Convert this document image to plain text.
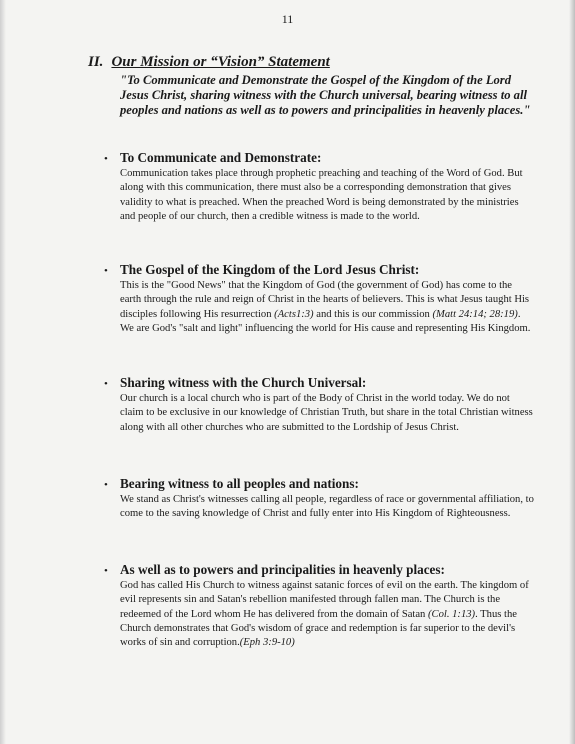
11
II. Our Mission or “Vision” Statement
"To Communicate and Demonstrate the Gospel of the Kingdom of the Lord Jesus Christ, sharing witness with the Church universal, bearing witness to all peoples and nations as well as to powers and principalities in heavenly places."
• To Communicate and Demonstrate:
Communication takes place through prophetic preaching and teaching of the Word of God. But along with this communication, there must also be a corresponding demonstration that gives validity to what is preached. When the preached Word is being demonstrated by the ministries and people of our church, then a credible witness is made to the world.
• The Gospel of the Kingdom of the Lord Jesus Christ:
This is the "Good News" that the Kingdom of God (the government of God) has come to the earth through the rule and reign of Christ in the hearts of believers. This is what Jesus taught His disciples following His resurrection (Acts1:3) and this is our commission (Matt 24:14; 28:19). We are God's "salt and light" influencing the world for His cause and representing His Kingdom.
• Sharing witness with the Church Universal:
Our church is a local church who is part of the Body of Christ in the world today. We do not claim to be exclusive in our knowledge of Christian Truth, but share in the total Christian witness along with all other churches who are submitted to the Lordship of Jesus Christ.
• Bearing witness to all peoples and nations:
We stand as Christ's witnesses calling all people, regardless of race or governmental affiliation, to come to the saving knowledge of Christ and fully enter into His Kingdom of Righteousness.
• As well as to powers and principalities in heavenly places:
God has called His Church to witness against satanic forces of evil on the earth. The kingdom of evil represents sin and Satan's rebellion manifested through fallen man. The Church is the redeemed of the Lord whom He has delivered from the domain of Satan (Col. 1:13). Thus the Church demonstrates that God's wisdom of grace and redemption is far superior to the devil's works of sin and corruption.(Eph 3:9-10)
